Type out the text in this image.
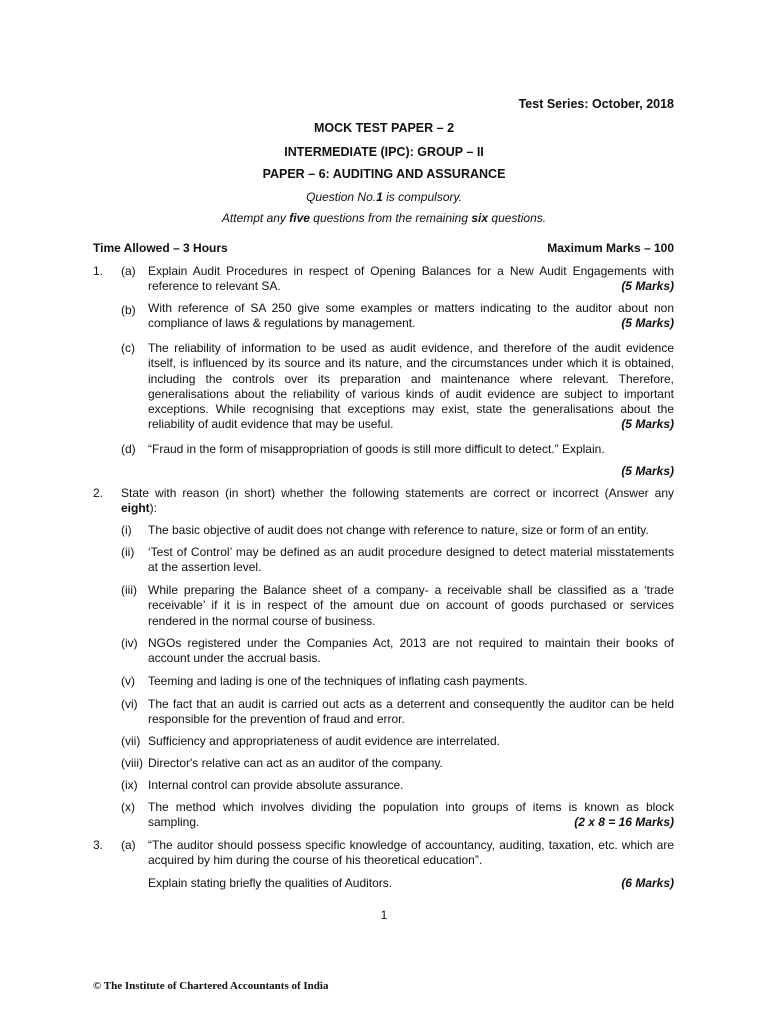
Test Series: October, 2018
MOCK TEST PAPER – 2
INTERMEDIATE (IPC): GROUP – II
PAPER – 6: AUDITING AND ASSURANCE
Question No.1 is compulsory.
Attempt any five questions from the remaining six questions.
Time Allowed – 3 Hours	Maximum Marks – 100
1. (a) Explain Audit Procedures in respect of Opening Balances for a New Audit Engagements with reference to relevant SA.	(5 Marks)
(b) With reference of SA 250 give some examples or matters indicating to the auditor about non compliance of laws & regulations by management.	(5 Marks)
(c) The reliability of information to be used as audit evidence, and therefore of the audit evidence itself, is influenced by its source and its nature, and the circumstances under which it is obtained, including the controls over its preparation and maintenance where relevant. Therefore, generalisations about the reliability of various kinds of audit evidence are subject to important exceptions. While recognising that exceptions may exist, state the generalisations about the reliability of audit evidence that may be useful.	(5 Marks)
(d) “Fraud in the form of misappropriation of goods is still more difficult to detect.” Explain.
(5 Marks)
2. State with reason (in short) whether the following statements are correct or incorrect (Answer any eight):
(i) The basic objective of audit does not change with reference to nature, size or form of an entity.
(ii) ‘Test of Control’ may be defined as an audit procedure designed to detect material misstatements at the assertion level.
(iii) While preparing the Balance sheet of a company- a receivable shall be classified as a ‘trade receivable’ if it is in respect of the amount due on account of goods purchased or services rendered in the normal course of business.
(iv) NGOs registered under the Companies Act, 2013 are not required to maintain their books of account under the accrual basis.
(v) Teeming and lading is one of the techniques of inflating cash payments.
(vi) The fact that an audit is carried out acts as a deterrent and consequently the auditor can be held responsible for the prevention of fraud and error.
(vii) Sufficiency and appropriateness of audit evidence are interrelated.
(viii) Director's relative can act as an auditor of the company.
(ix) Internal control can provide absolute assurance.
(x) The method which involves dividing the population into groups of items is known as block sampling.	(2 x 8 = 16 Marks)
3. (a) “The auditor should possess specific knowledge of accountancy, auditing, taxation, etc. which are acquired by him during the course of his theoretical education”.
Explain stating briefly the qualities of Auditors.	(6 Marks)
1
© The Institute of Chartered Accountants of India
